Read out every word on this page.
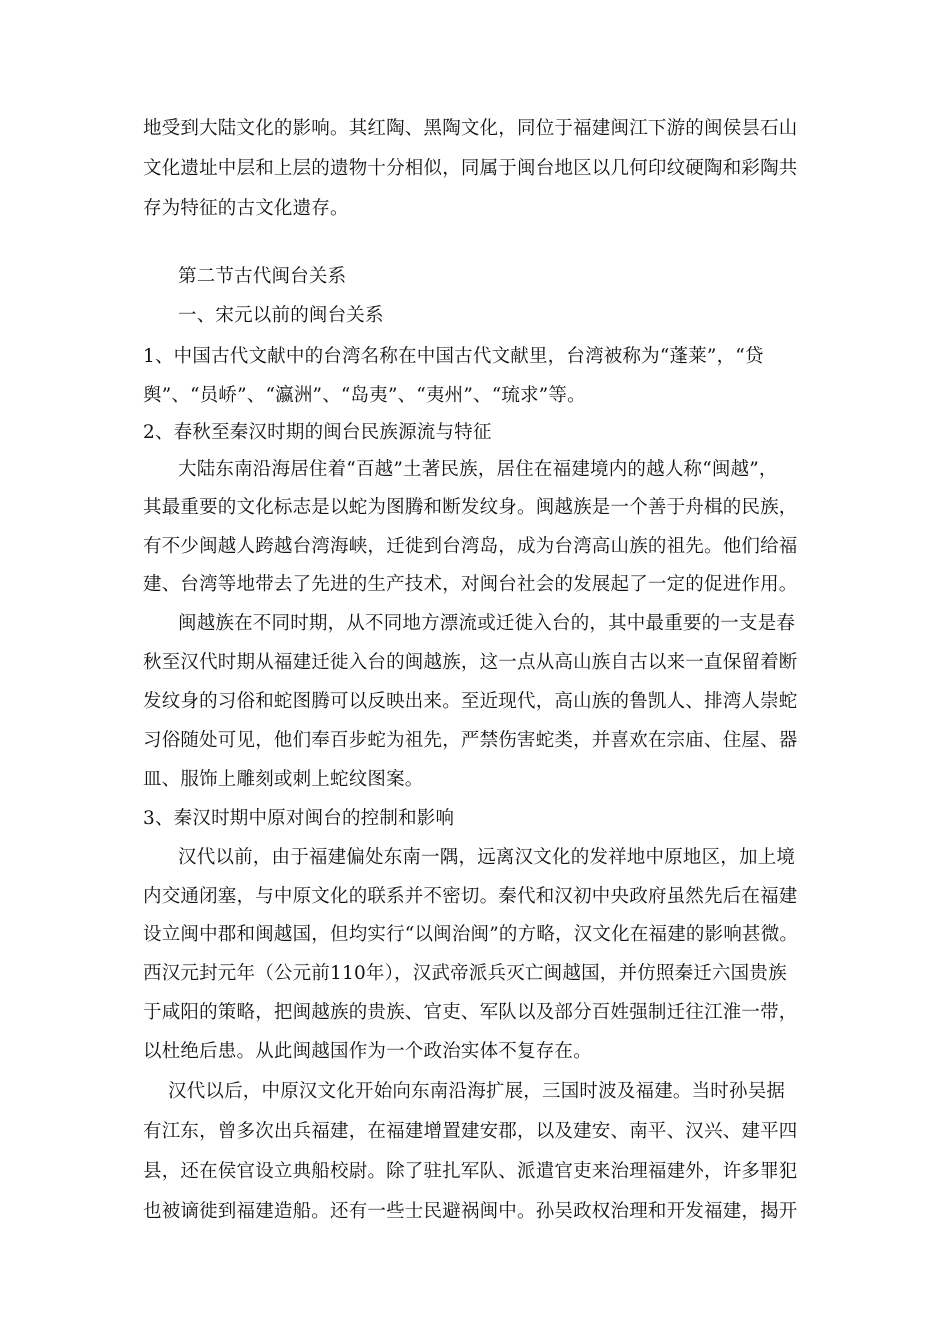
地受到大陆文化的影响。其红陶、黑陶文化，同位于福建闽江下游的闽侯昙石山
文化遗址中层和上层的遗物十分相似，同属于闽台地区以几何印纹硬陶和彩陶共
存为特征的古文化遗存。
第二节古代闽台关系
一、宋元以前的闽台关系
1、中国古代文献中的台湾名称在中国古代文献里，台湾被称为“蓬莱”，“贷
舆”、“员峤”、“瀛洲”、“岛夷”、“夷州”、“琉求”等。
2、春秋至秦汉时期的闽台民族源流与特征
大陆东南沿海居住着“百越”土著民族，居住在福建境内的越人称“闽越”，
其最重要的文化标志是以蛇为图腾和断发纹身。闽越族是一个善于舟楫的民族，
有不少闽越人跨越台湾海峡，迁徙到台湾岛，成为台湾高山族的祖先。他们给福
建、台湾等地带去了先进的生产技术，对闽台社会的发展起了一定的促进作用。
闽越族在不同时期，从不同地方漂流或迁徙入台的，其中最重要的一支是春
秋至汉代时期从福建迁徙入台的闽越族，这一点从高山族自古以来一直保留着断
发纹身的习俗和蛇图腾可以反映出来。至近现代，高山族的鲁凯人、排湾人崇蛇
习俗随处可见，他们奉百步蛇为祖先，严禁伤害蛇类，并喜欢在宗庙、住屋、器
皿、服饰上雕刻或刺上蛇纹图案。
3、秦汉时期中原对闽台的控制和影响
汉代以前，由于福建偏处东南一隅，远离汉文化的发祥地中原地区，加上境
内交通闭塞，与中原文化的联系并不密切。秦代和汉初中央政府虽然先后在福建
设立闽中郡和闽越国，但均实行“以闽治闽”的方略，汉文化在福建的影响甚微。
西汉元封元年（公元前110年），汉武帝派兵灭亡闽越国，并仿照秦迁六国贵族
于咸阳的策略，把闽越族的贵族、官吏、军队以及部分百姓强制迁往江淮一带，
以杜绝后患。从此闽越国作为一个政治实体不复存在。
汉代以后，中原汉文化开始向东南沿海扩展，三国时波及福建。当时孙吴据
有江东，曾多次出兵福建，在福建增置建安郡，以及建安、南平、汉兴、建平四
县，还在侯官设立典船校尉。除了驻扎军队、派遣官吏来治理福建外，许多罪犯
也被谪徙到福建造船。还有一些士民避祸闽中。孙吴政权治理和开发福建，揭开
